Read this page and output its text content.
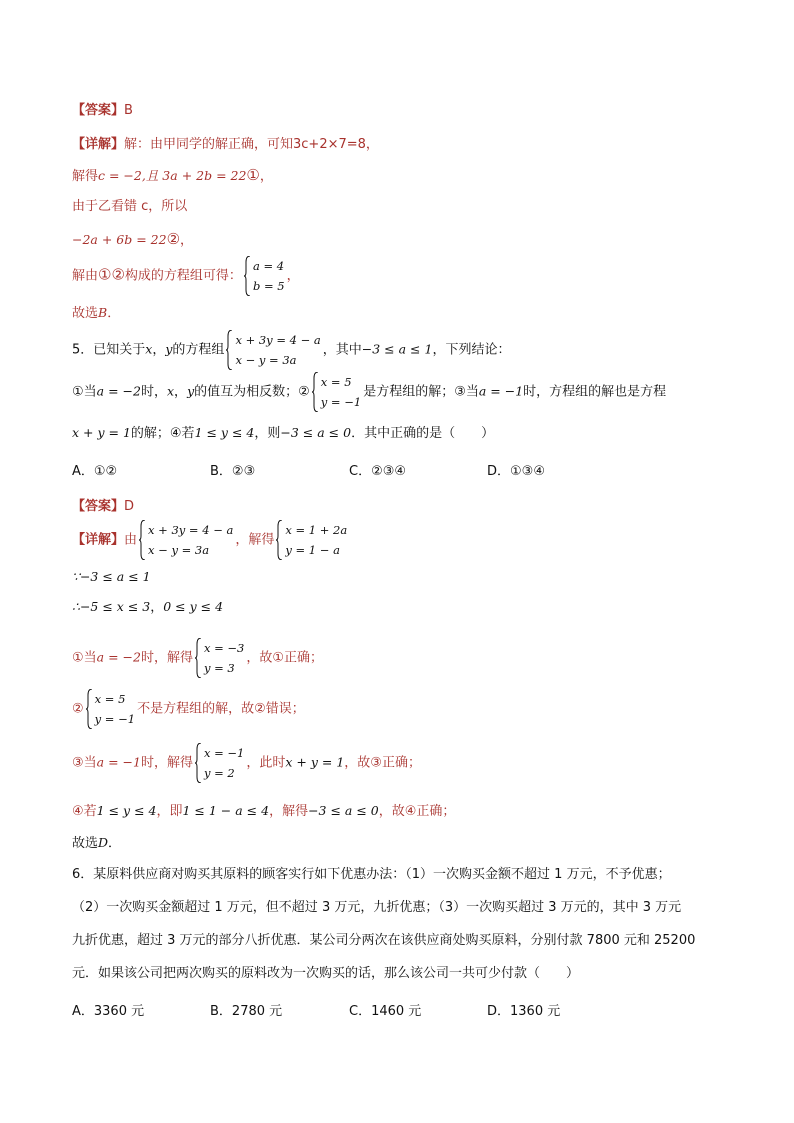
【答案】B
【详解】解：由甲同学的解正确，可知3c+2×7=8，
解得c = −2,且 3a + 2b = 22①，
由于乙看错 c，所以
−2a + 6b = 22②，
解由①②构成的方程组可得：
a = 4
b = 5
，
故选B．
5．已知关于x，y的方程组
x + 3y = 4 − a
x − y = 3a
，其中−3 ≤ a ≤ 1，下列结论：
①当a = −2时，x，y的值互为相反数；②
x = 5
y = −1
是方程组的解；③当a = −1时，方程组的解也是方程
x + y = 1的解；④若1 ≤ y ≤ 4，则−3 ≤ a ≤ 0．其中正确的是（　　）
A．①②	B．②③	C．②③④	D．①③④
【答案】D
【详解】由
x + 3y = 4 − a
x − y = 3a
，解得
x = 1 + 2a
y = 1 − a
∵−3 ≤ a ≤ 1
∴−5 ≤ x ≤ 3，0 ≤ y ≤ 4
①当a = −2时，解得
x = −3
y = 3
，故①正确；
②
x = 5
y = −1
不是方程组的解，故②错误；
③当a = −1时，解得
x = −1
y = 2
，此时x + y = 1，故③正确；
④若1 ≤ y ≤ 4，即1 ≤ 1 − a ≤ 4，解得−3 ≤ a ≤ 0，故④正确；
故选D．
6．某原料供应商对购买其原料的顾客实行如下优惠办法：（1）一次购买金额不超过 1 万元，不予优惠；
（2）一次购买金额超过 1 万元，但不超过 3 万元，九折优惠；（3）一次购买超过 3 万元的，其中 3 万元
九折优惠，超过 3 万元的部分八折优惠．某公司分两次在该供应商处购买原料，分别付款 7800 元和 25200
元．如果该公司把两次购买的原料改为一次购买的话，那么该公司一共可少付款（　　）
A．3360 元	B．2780 元	C．1460 元	D．1360 元
